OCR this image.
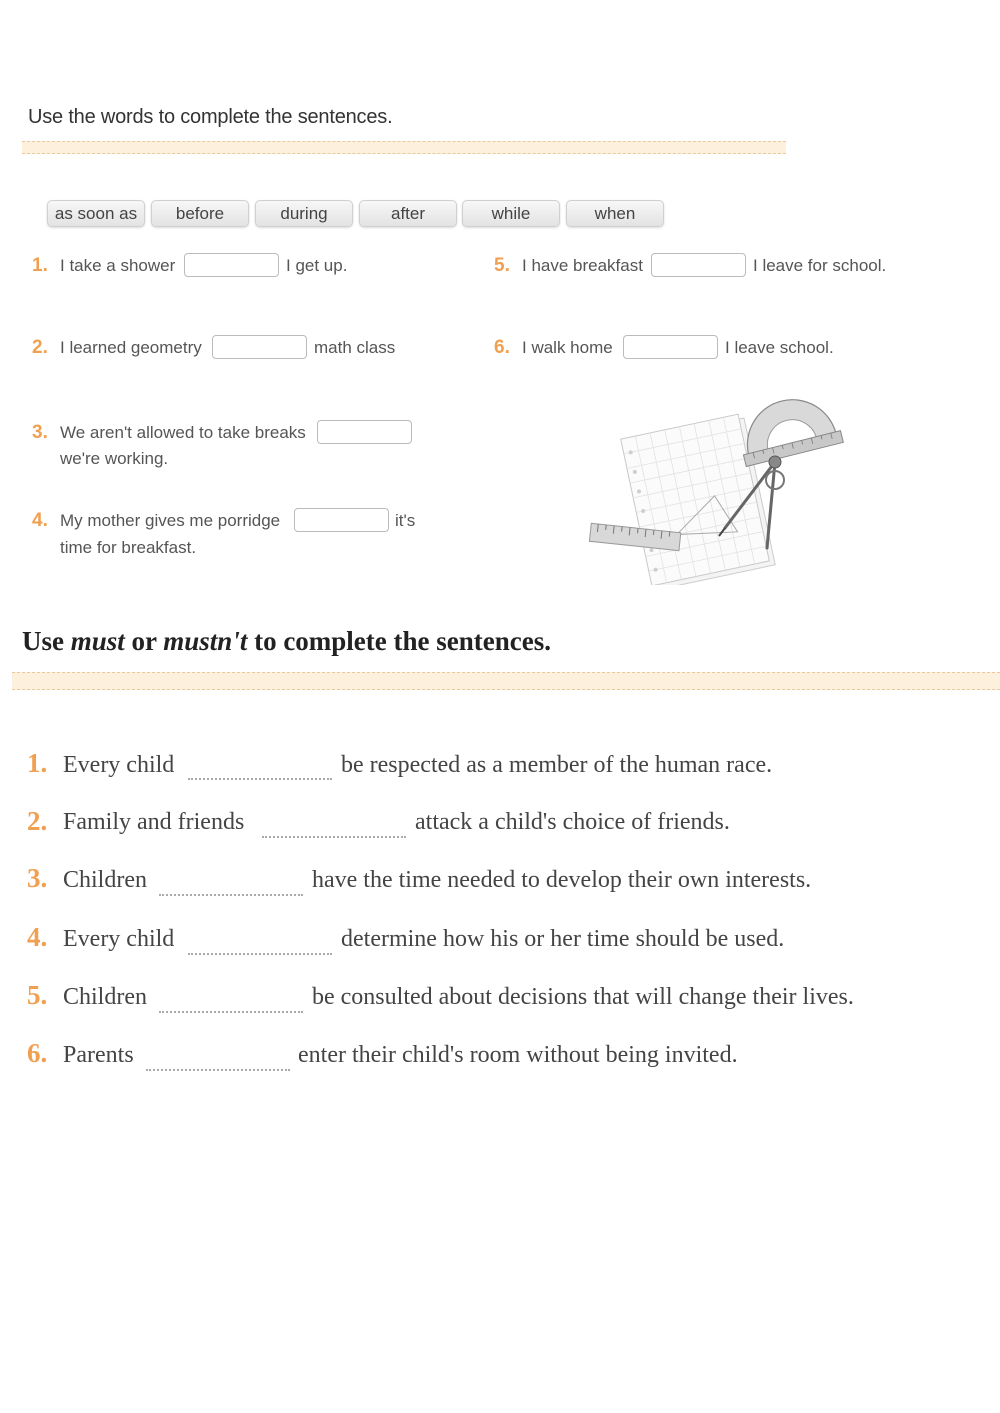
Use the words to complete the sentences.
as soon as	before	during	after	while	when
1. I take a shower	I get up.
2. I learned geometry	math class
3. We aren't allowed to take breaks
we're working.
4. My mother gives me porridge	it's
time for breakfast.
5. I have breakfast	I leave for school.
6. I walk home	I leave school.
Use must or mustn't to complete the sentences.
1. Every child	be respected as a member of the human race.
2. Family and friends	attack a child's choice of friends.
3. Children	have the time needed to develop their own interests.
4. Every child	determine how his or her time should be used.
5. Children	be consulted about decisions that will change their lives.
6. Parents	enter their child's room without being invited.
